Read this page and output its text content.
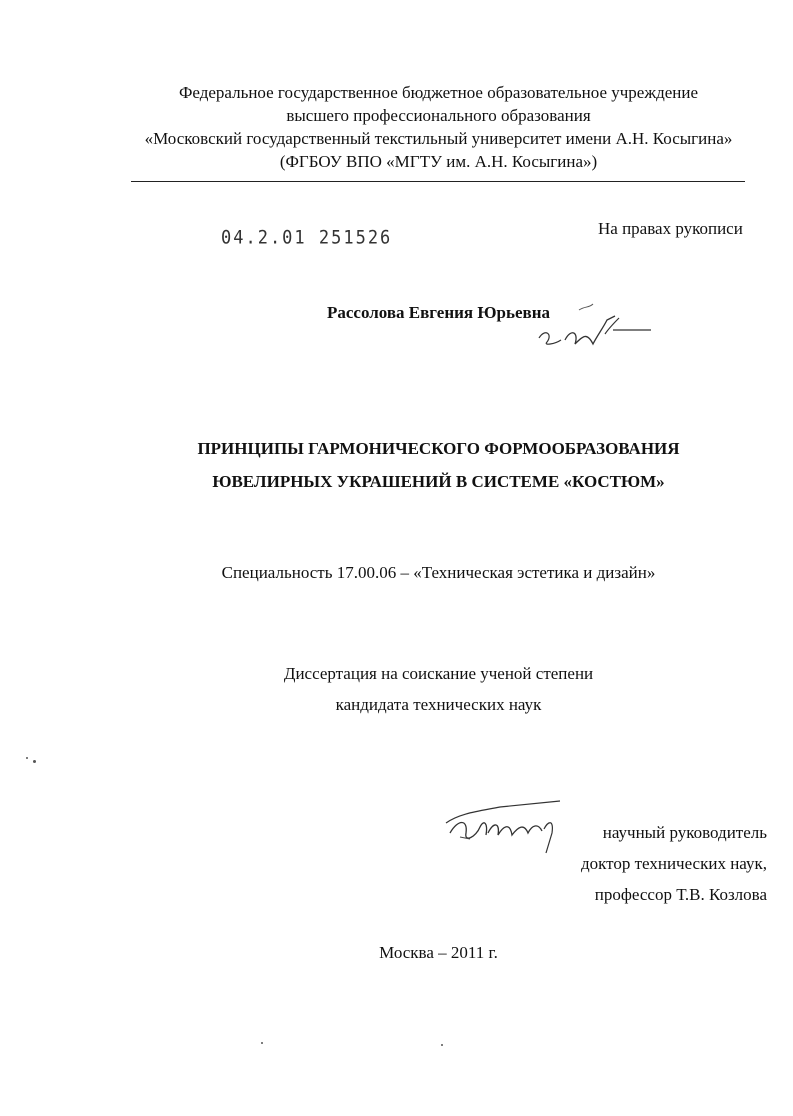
Федеральное государственное бюджетное образовательное учреждение
высшего профессионального образования
«Московский государственный текстильный университет имени А.Н. Косыгина»
(ФГБОУ ВПО «МГТУ им. А.Н. Косыгина»)
04.2.01 251526	На правах рукописи
Рассолова Евгения Юрьевна
ПРИНЦИПЫ ГАРМОНИЧЕСКОГО ФОРМООБРАЗОВАНИЯ
ЮВЕЛИРНЫХ УКРАШЕНИЙ В СИСТЕМЕ «КОСТЮМ»
Специальность 17.00.06 – «Техническая эстетика и дизайн»
Диссертация на соискание ученой степени
кандидата технических наук
научный руководитель
доктор технических наук,
профессор Т.В. Козлова
Москва – 2011 г.
